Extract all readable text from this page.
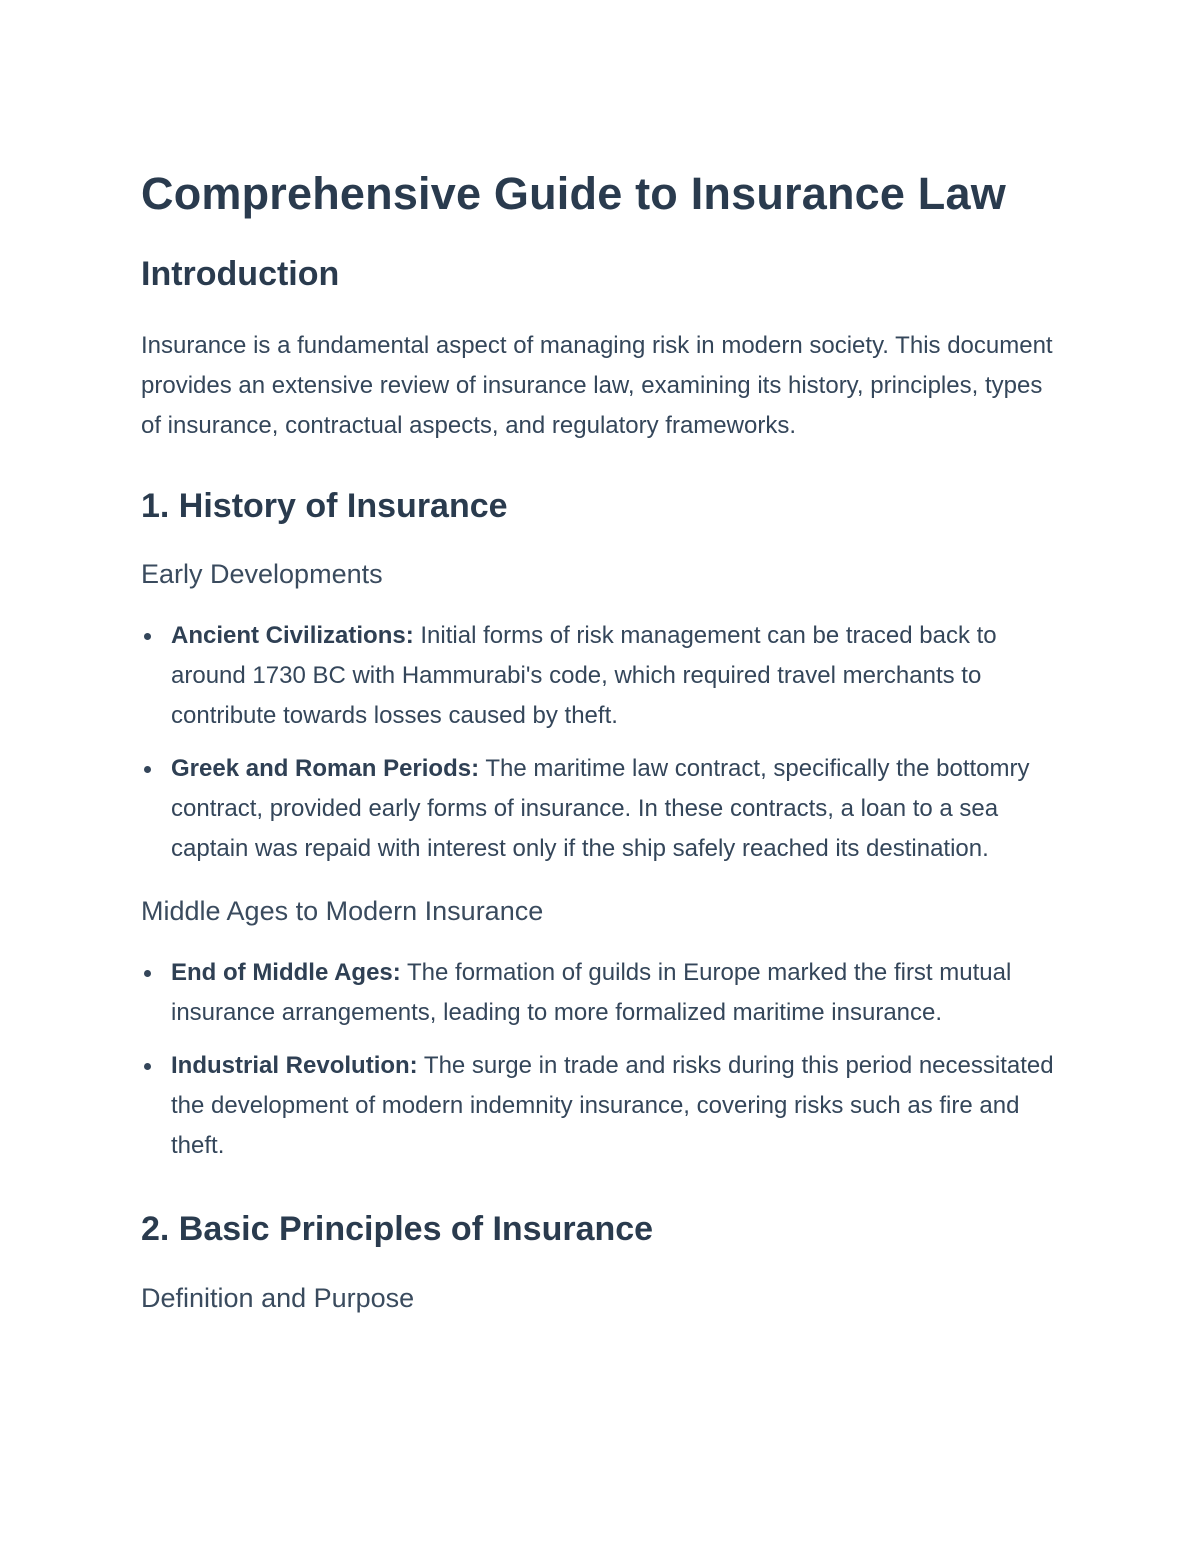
Comprehensive Guide to Insurance Law
Introduction

Insurance is a fundamental aspect of managing risk in modern society. This document provides an extensive review of insurance law, examining its history, principles, types of insurance, contractual aspects, and regulatory frameworks.

1. History of Insurance
Early Developments
Ancient Civilizations: Initial forms of risk management can be traced back to around 1730 BC with Hammurabi's code, which required travel merchants to contribute towards losses caused by theft.
Greek and Roman Periods: The maritime law contract, specifically the bottomry contract, provided early forms of insurance. In these contracts, a loan to a sea captain was repaid with interest only if the ship safely reached its destination.
Middle Ages to Modern Insurance
End of Middle Ages: The formation of guilds in Europe marked the first mutual insurance arrangements, leading to more formalized maritime insurance.
Industrial Revolution: The surge in trade and risks during this period necessitated the development of modern indemnity insurance, covering risks such as fire and theft.
2. Basic Principles of Insurance
Definition and Purpose
